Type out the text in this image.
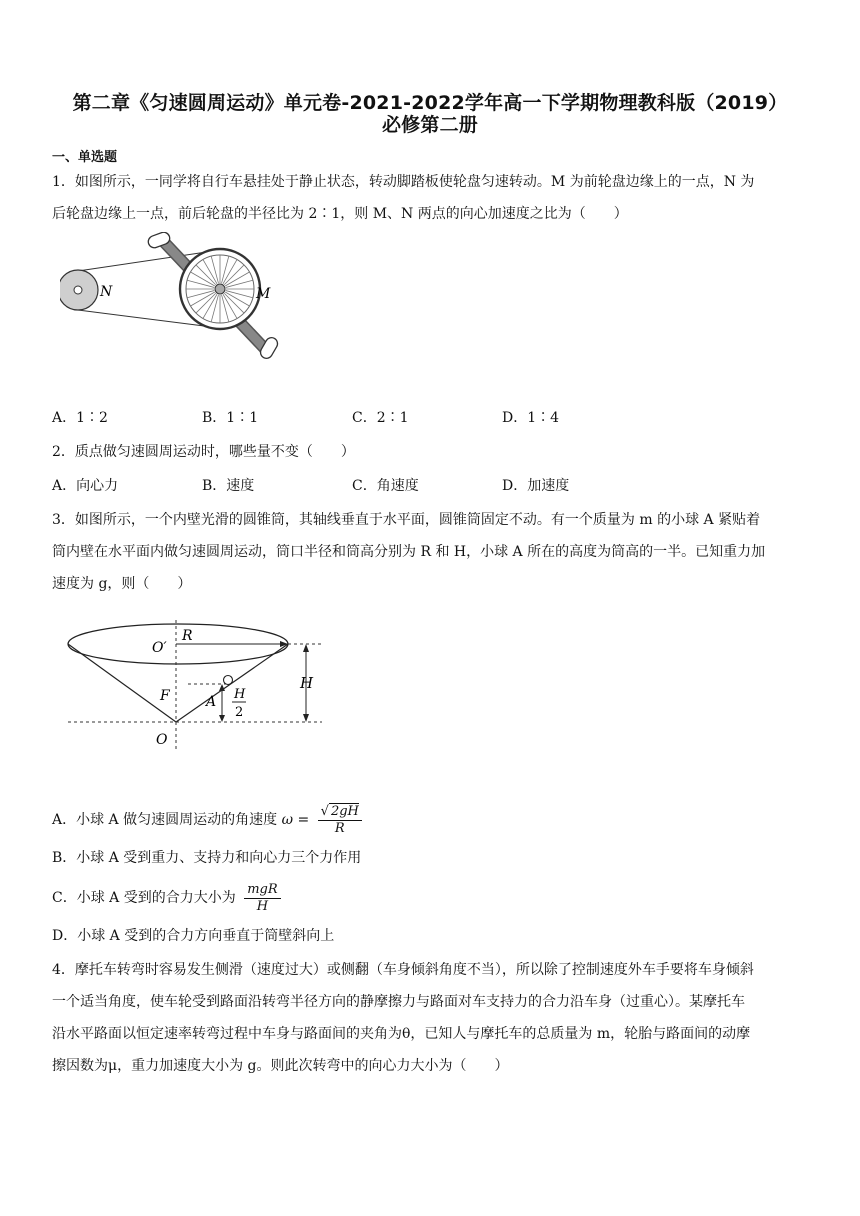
第二章《匀速圆周运动》单元卷-2021-2022学年高一下学期物理教科版（2019）
必修第二册
一、单选题
1．如图所示，一同学将自行车悬挂处于静止状态，转动脚踏板使轮盘匀速转动。M 为前轮盘边缘上的一点，N 为
后轮盘边缘上一点，前后轮盘的半径比为 2∶1，则 M、N 两点的向心加速度之比为（　　）
N	M
A．1∶2	B．1∶1	C．2∶1	D．1∶4
2．质点做匀速圆周运动时，哪些量不变（　　）
A．向心力	B．速度	C．角速度	D．加速度
3．如图所示，一个内壁光滑的圆锥筒，其轴线垂直于水平面，圆锥筒固定不动。有一个质量为 m 的小球 A 紧贴着
筒内壁在水平面内做匀速圆周运动，筒口半径和筒高分别为 R 和 H，小球 A 所在的高度为筒高的一半。已知重力加
速度为 g，则（　　）
R
O′
H
H
2
A
F
O
A．小球 A 做匀速圆周运动的角速度 $\omega = \frac{√ 2gH}{R}$
B．小球 A 受到重力、支持力和向心力三个力作用
C．小球 A 受到的合力大小为 $\frac{\text{mgR}}{H}$
D．小球 A 受到的合力方向垂直于筒壁斜向上
4．摩托车转弯时容易发生侧滑（速度过大）或侧翻（车身倾斜角度不当），所以除了控制速度外车手要将车身倾斜
一个适当角度，使车轮受到路面沿转弯半径方向的静摩擦力与路面对车支持力的合力沿车身（过重心）。某摩托车
沿水平路面以恒定速率转弯过程中车身与路面间的夹角为θ，已知人与摩托车的总质量为 m，轮胎与路面间的动摩
擦因数为μ，重力加速度大小为 g。则此次转弯中的向心力大小为（　　）
